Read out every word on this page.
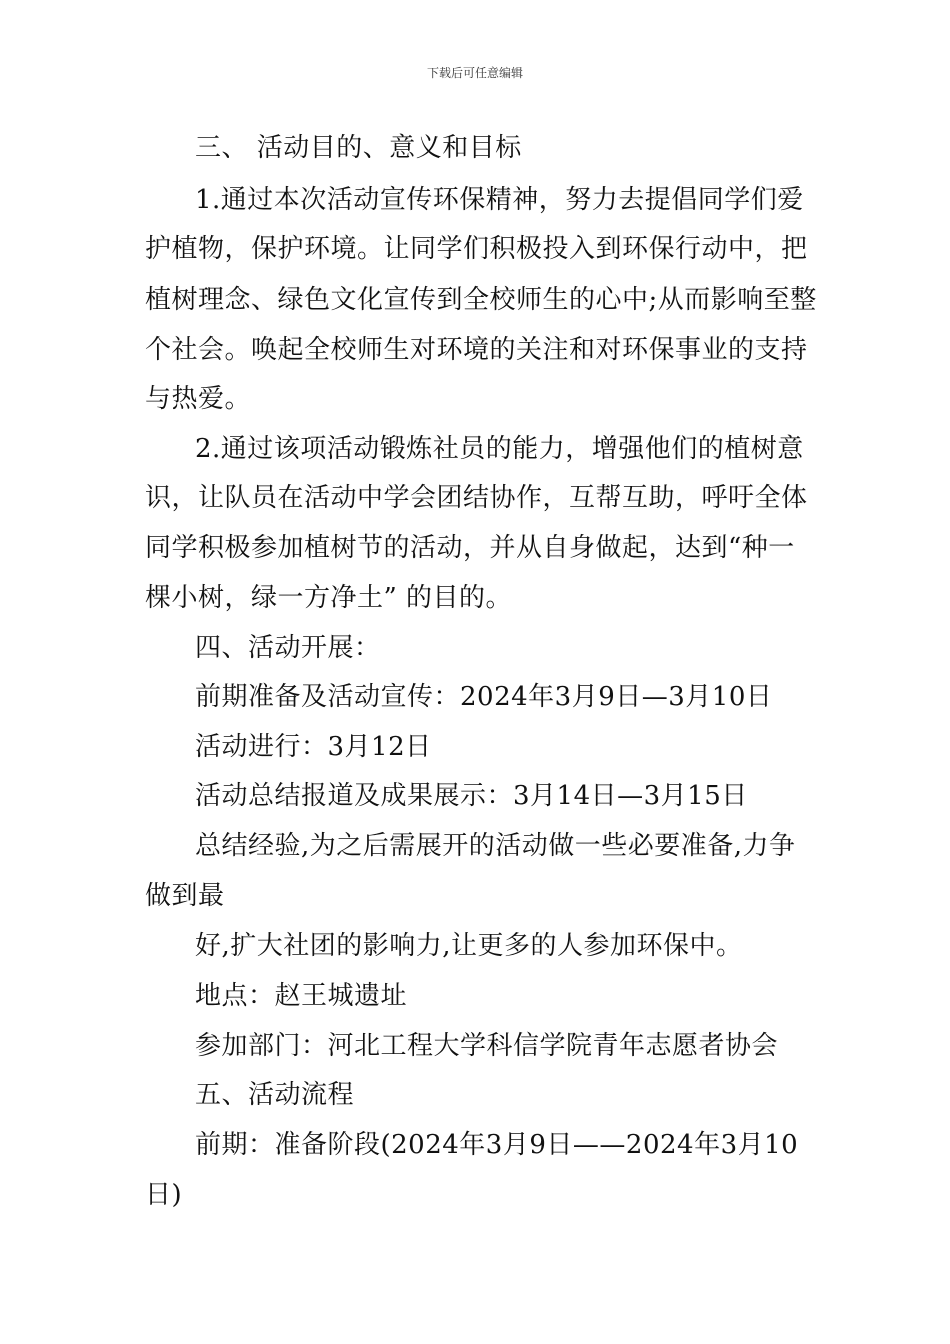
下载后可任意编辑
三、 活动目的、意义和目标
1.通过本次活动宣传环保精神，努力去提倡同学们爱
护植物，保护环境。让同学们积极投入到环保行动中，把
植树理念、绿色文化宣传到全校师生的心中;从而影响至整
个社会。唤起全校师生对环境的关注和对环保事业的支持
与热爱。
2.通过该项活动锻炼社员的能力，增强他们的植树意
识，让队员在活动中学会团结协作，互帮互助，呼吁全体
同学积极参加植树节的活动，并从自身做起，达到“种一
棵小树，绿一方净土” 的目的。
四、活动开展：
前期准备及活动宣传：2024年3月9日—3月10日
活动进行：3月12日
活动总结报道及成果展示：3月14日—3月15日
总结经验,为之后需展开的活动做一些必要准备,力争
做到最
好,扩大社团的影响力,让更多的人参加环保中。
地点：赵王城遗址
参加部门：河北工程大学科信学院青年志愿者协会
五、活动流程
前期：准备阶段(2024年3月9日——2024年3月10
日)
